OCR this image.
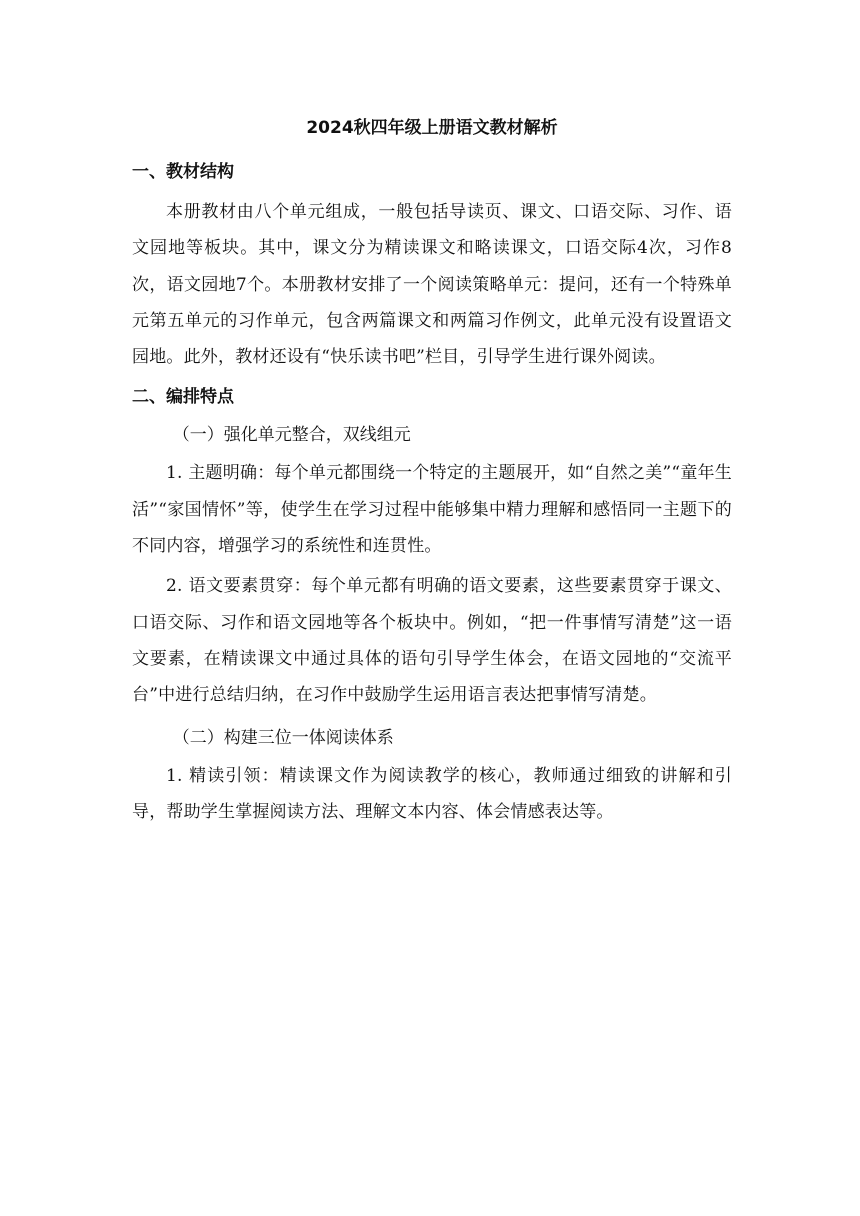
2024秋四年级上册语文教材解析
一、教材结构

本册教材由八个单元组成，一般包括导读页、课文、口语交际、习作、语文园地等板块。其中，课文分为精读课文和略读课文，口语交际4次，习作8次，语文园地7个。本册教材安排了一个阅读策略单元：提问，还有一个特殊单元第五单元的习作单元，包含两篇课文和两篇习作例文，此单元没有设置语文园地。此外，教材还设有“快乐读书吧”栏目，引导学生进行课外阅读。

二、编排特点

（一）强化单元整合，双线组元

1. 主题明确：每个单元都围绕一个特定的主题展开，如“自然之美”“童年生活”“家国情怀”等，使学生在学习过程中能够集中精力理解和感悟同一主题下的不同内容，增强学习的系统性和连贯性。

2. 语文要素贯穿：每个单元都有明确的语文要素，这些要素贯穿于课文、口语交际、习作和语文园地等各个板块中。例如，“把一件事情写清楚”这一语文要素，在精读课文中通过具体的语句引导学生体会，在语文园地的“交流平台”中进行总结归纳，在习作中鼓励学生运用语言表达把事情写清楚。

（二）构建三位一体阅读体系

1. 精读引领：精读课文作为阅读教学的核心，教师通过细致的讲解和引导，帮助学生掌握阅读方法、理解文本内容、体会情感表达等。
